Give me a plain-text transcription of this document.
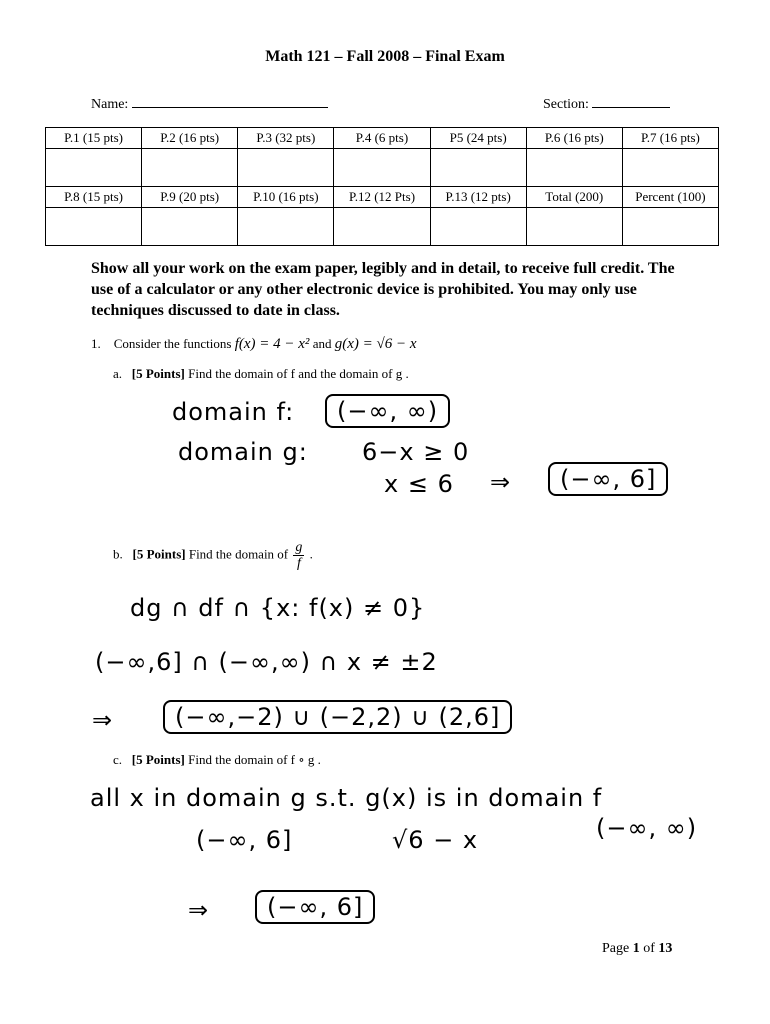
Math 121 – Fall 2008 – Final Exam
Name:	Section:
P.1 (15 pts)	P.2 (16 pts)	P.3 (32 pts)	P.4 (6 pts)	P5 (24 pts)	P.6 (16 pts)	P.7 (16 pts)

P.8 (15 pts)	P.9 (20 pts)	P.10 (16 pts)	P.12 (12 Pts)	P.13 (12 pts)	Total (200)	Percent (100)

Show all your work on the exam paper, legibly and in detail, to receive full credit. The use of a calculator or any other electronic device is prohibited. You may only use techniques discussed to date in class.
1. Consider the functions f(x) = 4 − x² and g(x) = √6 − x
a. [5 Points] Find the domain of f and the domain of g .
domain f:	(−∞, ∞)
domain g: 6−x ≥ 0
x ≤ 6 ⇒	(−∞, 6]
b. [5 Points] Find the domain of $\frac{g}{f}$ .
dg ∩ df ∩ {x: f(x) ≠ 0}
(−∞,6] ∩ (−∞,∞) ∩ x ≠ ±2
⇒	(−∞,−2) ∪ (−2,2) ∪ (2,6]
c. [5 Points] Find the domain of f ∘ g .
all x in domain g s.t. g(x) is in domain f
(−∞, 6]	√6 − x	(−∞, ∞)
⇒	(−∞, 6]
Page 1 of 13
